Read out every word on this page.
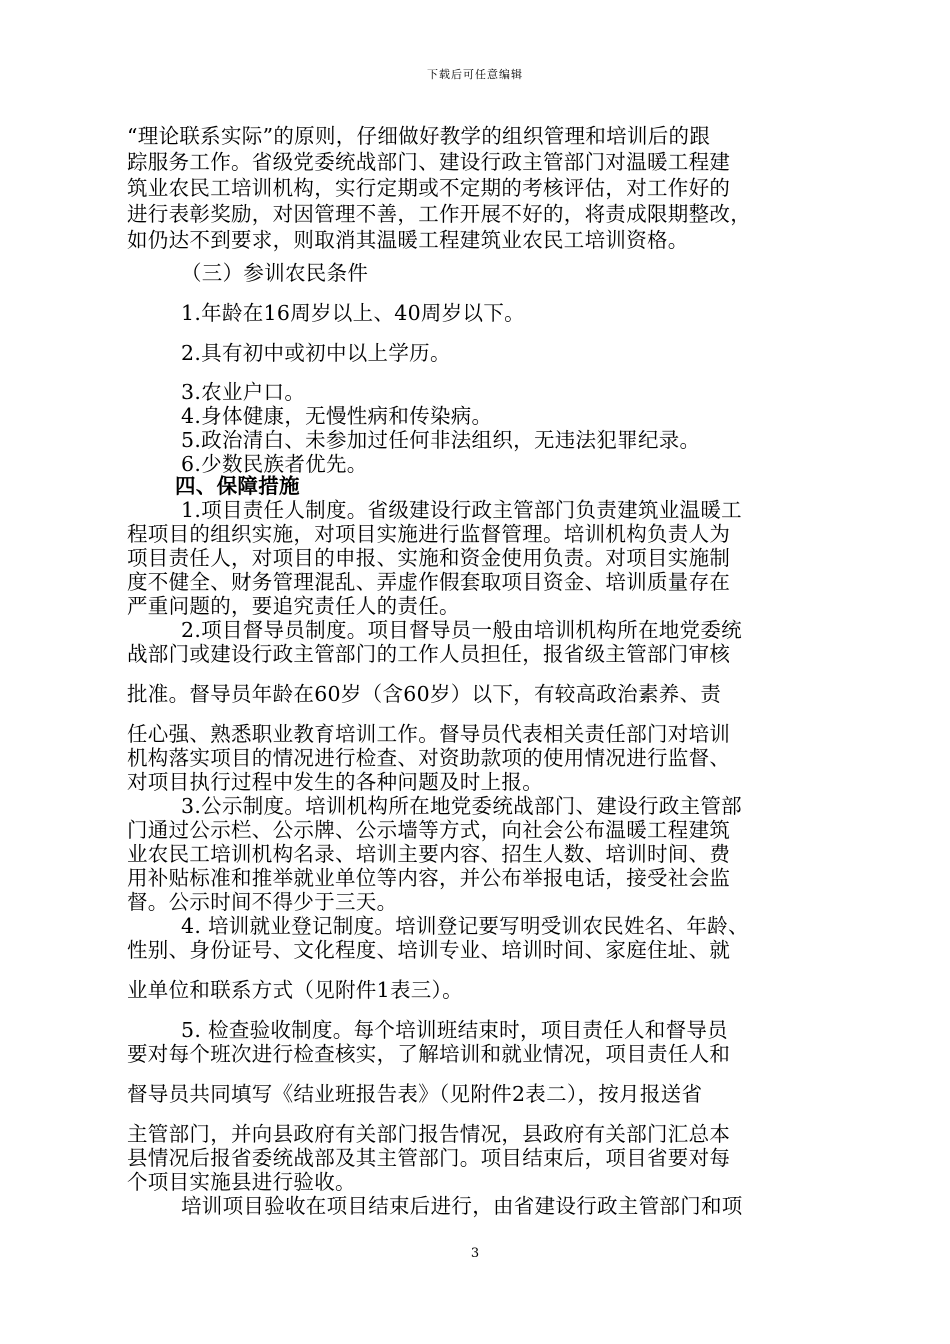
下载后可任意编辑
“理论联系实际”的原则，仔细做好教学的组织管理和培训后的跟
踪服务工作。省级党委统战部门、建设行政主管部门对温暖工程建
筑业农民工培训机构，实行定期或不定期的考核评估，对工作好的
进行表彰奖励，对因管理不善，工作开展不好的，将责成限期整改，
如仍达不到要求，则取消其温暖工程建筑业农民工培训资格。
（三）参训农民条件
1.年龄在16周岁以上、40周岁以下。
2.具有初中或初中以上学历。
3.农业户口。
4.身体健康，无慢性病和传染病。
5.政治清白、未参加过任何非法组织，无违法犯罪纪录。
6.少数民族者优先。
四、保障措施
1.项目责任人制度。省级建设行政主管部门负责建筑业温暖工
程项目的组织实施，对项目实施进行监督管理。培训机构负责人为
项目责任人，对项目的申报、实施和资金使用负责。对项目实施制
度不健全、财务管理混乱、弄虚作假套取项目资金、培训质量存在
严重问题的，要追究责任人的责任。
2.项目督导员制度。项目督导员一般由培训机构所在地党委统
战部门或建设行政主管部门的工作人员担任，报省级主管部门审核
批准。督导员年龄在60岁（含60岁）以下，有较高政治素养、责
任心强、熟悉职业教育培训工作。督导员代表相关责任部门对培训
机构落实项目的情况进行检查、对资助款项的使用情况进行监督、
对项目执行过程中发生的各种问题及时上报。
3.公示制度。培训机构所在地党委统战部门、建设行政主管部
门通过公示栏、公示牌、公示墙等方式，向社会公布温暖工程建筑
业农民工培训机构名录、培训主要内容、招生人数、培训时间、费
用补贴标准和推举就业单位等内容，并公布举报电话，接受社会监
督。公示时间不得少于三天。
4. 培训就业登记制度。培训登记要写明受训农民姓名、年龄、
性别、身份证号、文化程度、培训专业、培训时间、家庭住址、就
业单位和联系方式（见附件1表三）。
5. 检查验收制度。每个培训班结束时，项目责任人和督导员
要对每个班次进行检查核实，了解培训和就业情况，项目责任人和
督导员共同填写《结业班报告表》（见附件2表二），按月报送省
主管部门，并向县政府有关部门报告情况，县政府有关部门汇总本
县情况后报省委统战部及其主管部门。项目结束后，项目省要对每
个项目实施县进行验收。
培训项目验收在项目结束后进行，由省建设行政主管部门和项
3
